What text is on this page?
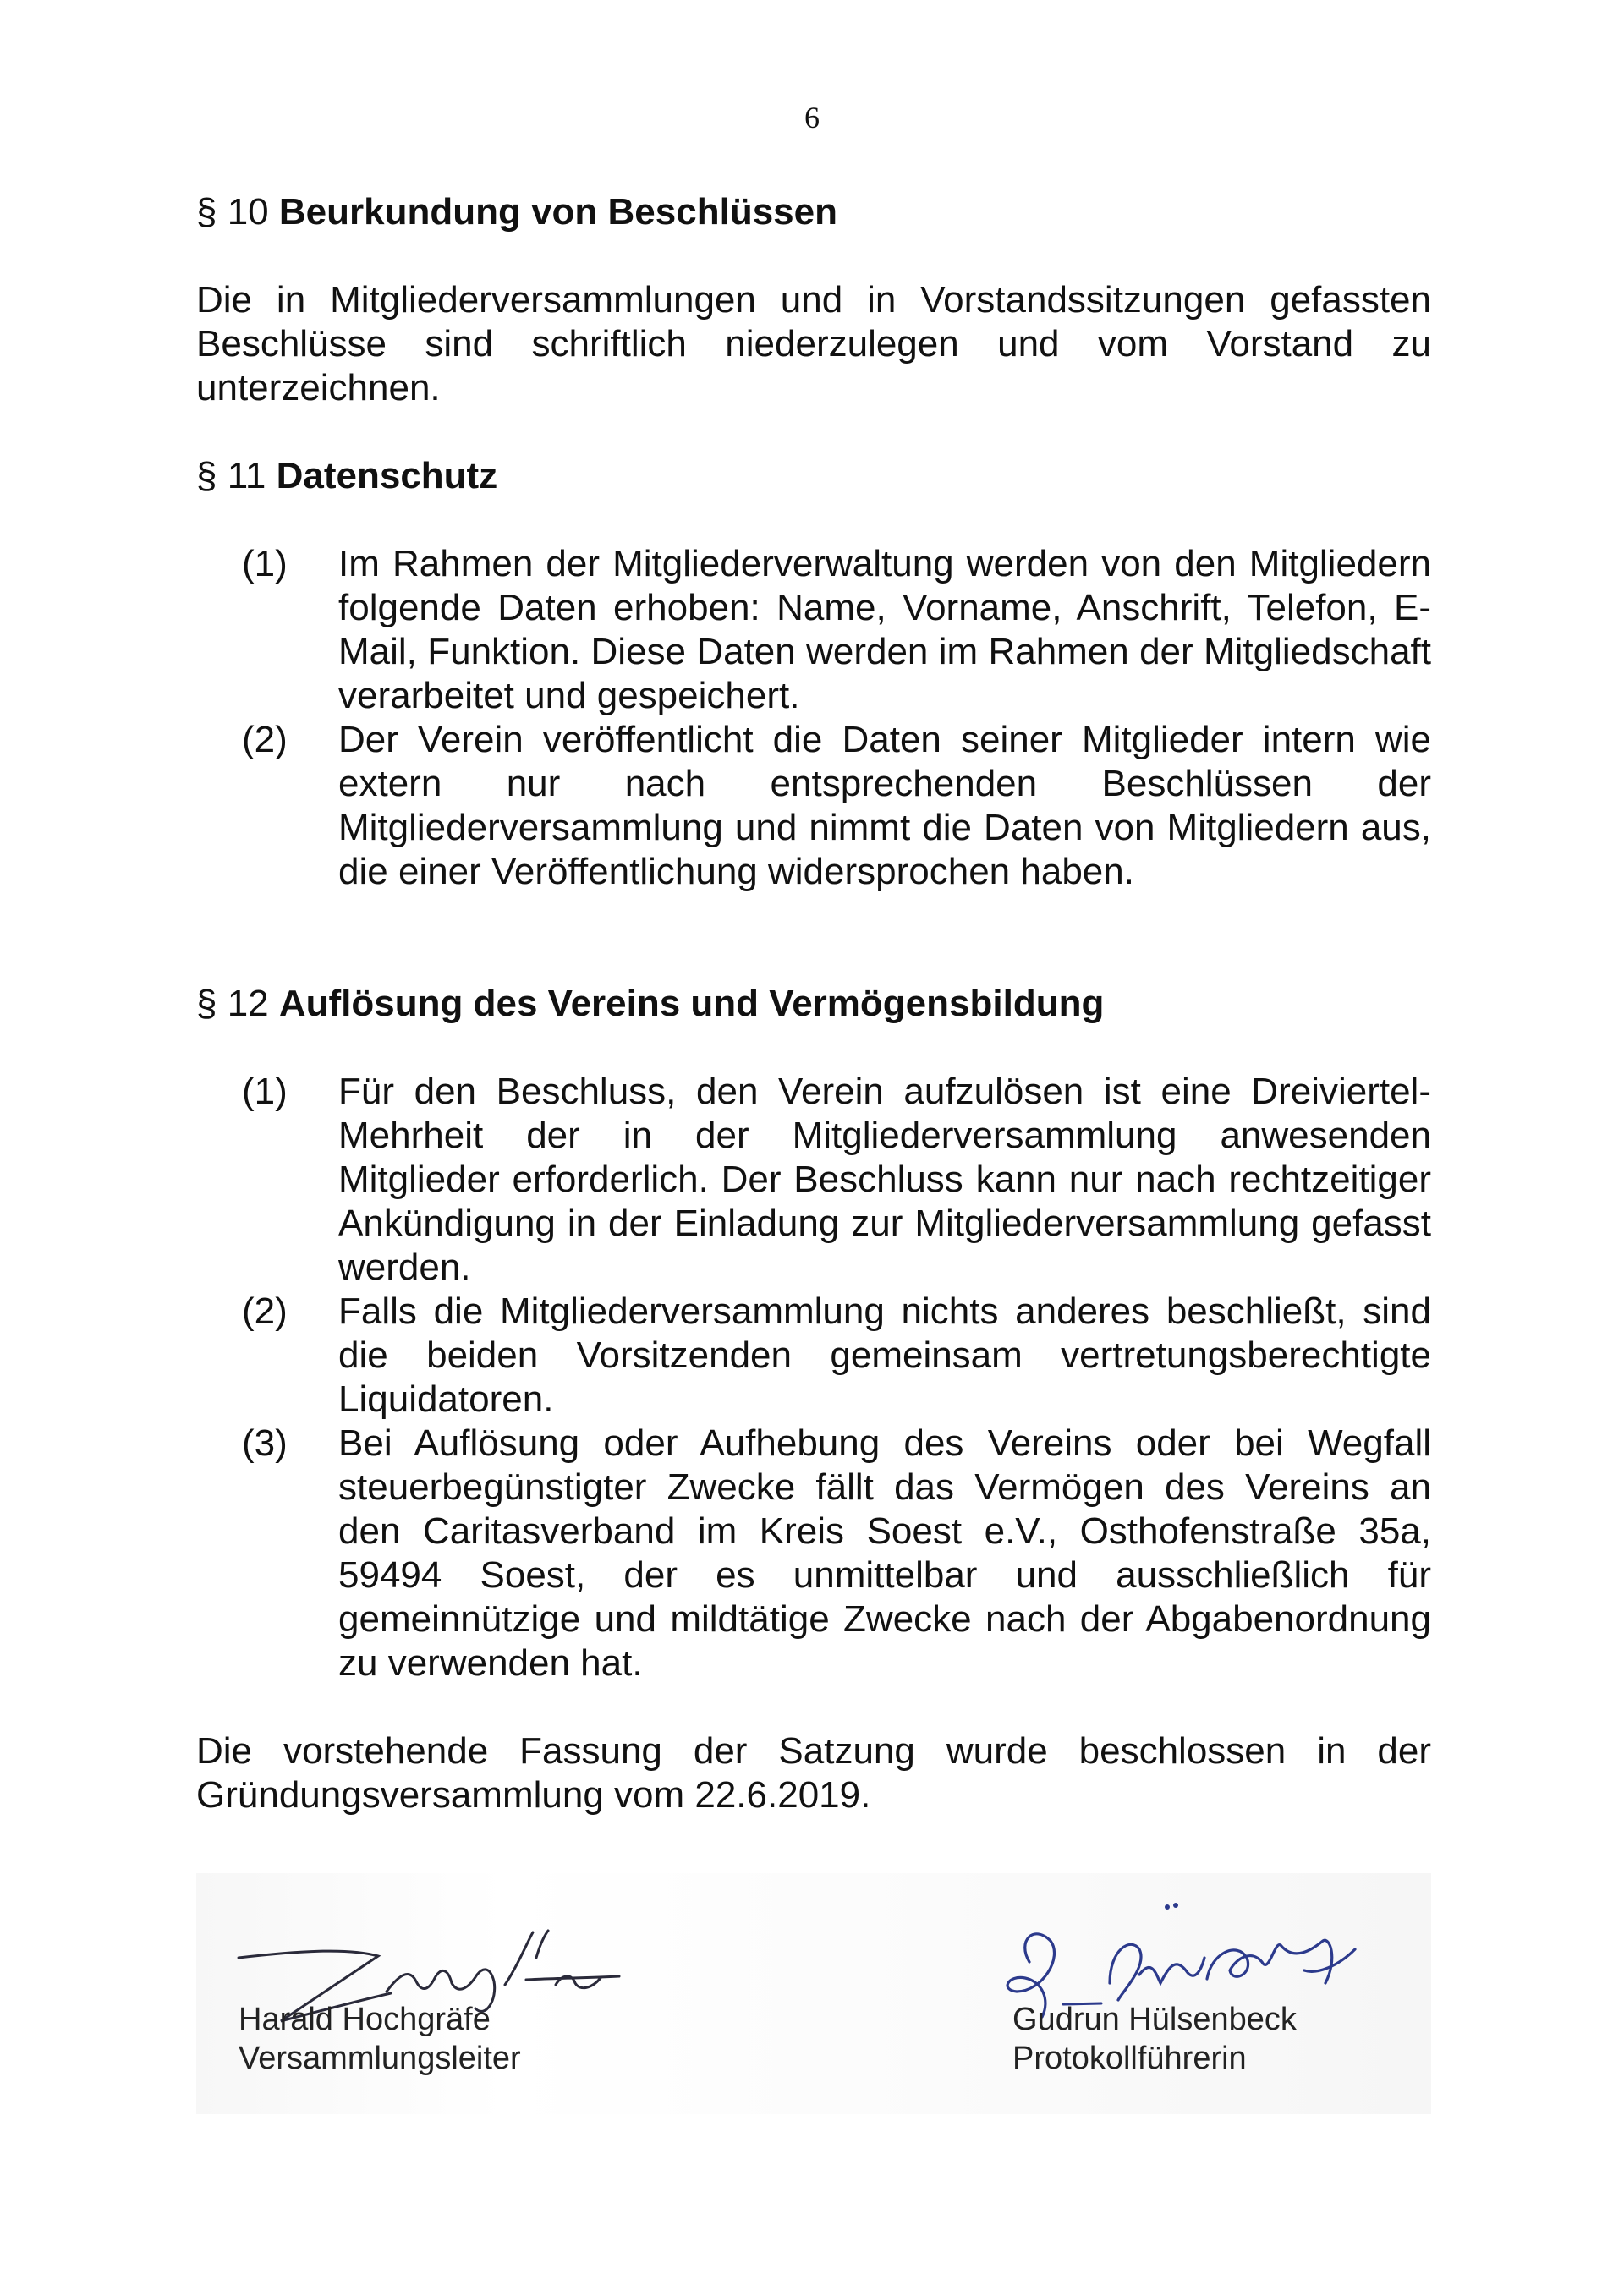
6
§ 10 Beurkundung von Beschlüssen

Die in Mitgliederversammlungen und in Vorstandssitzungen gefassten Beschlüsse sind schriftlich niederzulegen und vom Vorstand zu unterzeichnen.

§ 11 Datenschutz
(1)	Im Rahmen der Mitgliederverwaltung werden von den Mitgliedern folgende Daten erhoben: Name, Vorname, Anschrift, Telefon, E-Mail, Funktion. Diese Daten werden im Rahmen der Mitgliedschaft verarbeitet und gespeichert.
(2)	Der Verein veröffentlicht die Daten seiner Mitglieder intern wie extern nur nach entsprechenden Beschlüssen der Mitgliederversammlung und nimmt die Daten von Mitgliedern aus, die einer Veröffentlichung widersprochen haben.
§ 12 Auflösung des Vereins und Vermögensbildung
(1)	Für den Beschluss, den Verein aufzulösen ist eine Dreiviertel-Mehrheit der in der Mitgliederversammlung anwesenden Mitglieder erforderlich. Der Beschluss kann nur nach rechtzeitiger Ankündigung in der Einladung zur Mitgliederversammlung gefasst werden.
(2)	Falls die Mitgliederversammlung nichts anderes beschließt, sind die beiden Vorsitzenden gemeinsam vertretungsberechtigte Liquidatoren.
(3)	Bei Auflösung oder Aufhebung des Vereins oder bei Wegfall steuerbegünstigter Zwecke fällt das Vermögen des Vereins an den Caritasverband im Kreis Soest e.V., Osthofenstraße 35a, 59494 Soest, der es unmittelbar und ausschließlich für gemeinnützige und mildtätige Zwecke nach der Abgabenordnung zu verwenden hat.

Die vorstehende Fassung der Satzung wurde beschlossen in der Gründungsversammlung vom 22.6.2019.

Harald Hochgräfe
Versammlungsleiter
Gudrun Hülsenbeck
Protokollführerin
